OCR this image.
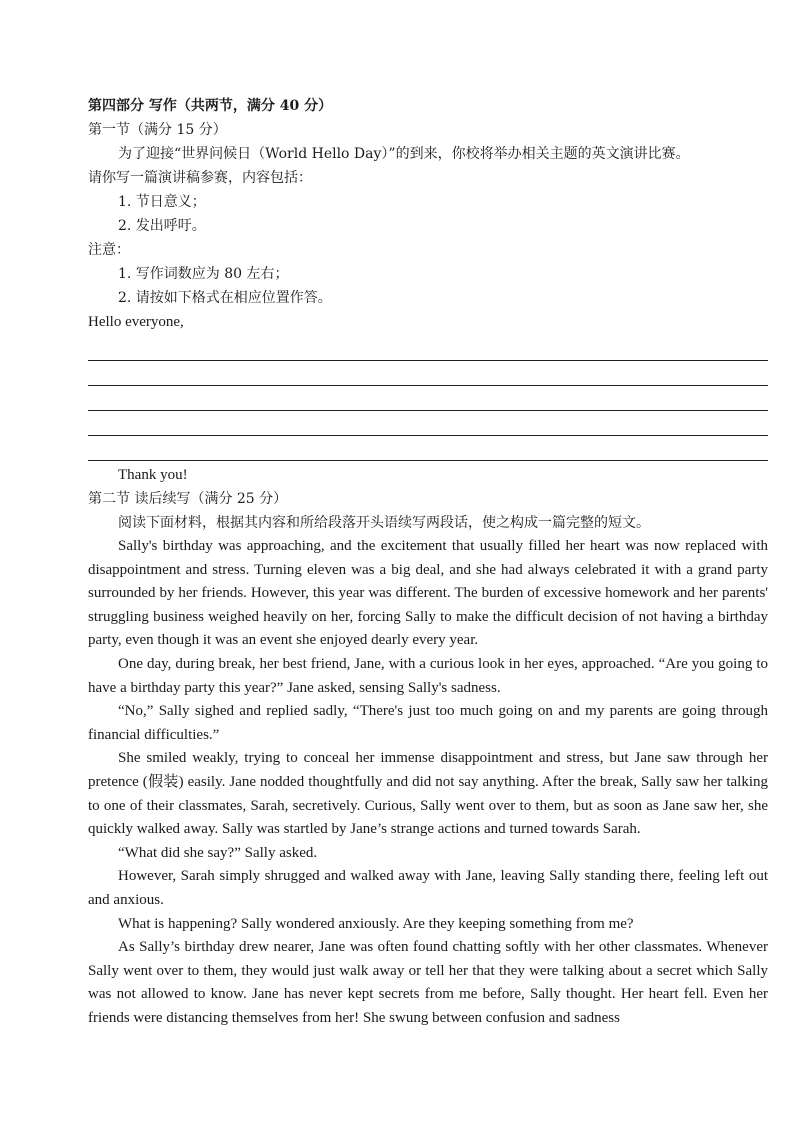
第四部分 写作（共两节，满分 40 分）
第一节（满分 15 分）
为了迎接“世界问候日（World Hello Day）”的到来，你校将举办相关主题的英文演讲比赛。
请你写一篇演讲稿参赛，内容包括：
1. 节日意义；
2. 发出呼吁。
注意：
1. 写作词数应为 80 左右；
2. 请按如下格式在相应位置作答。
Hello everyone,
Thank you!
第二节 读后续写（满分 25 分）
阅读下面材料，根据其内容和所给段落开头语续写两段话，使之构成一篇完整的短文。
Sally's birthday was approaching, and the excitement that usually filled her heart was now replaced with disappointment and stress. Turning eleven was a big deal, and she had always celebrated it with a grand party surrounded by her friends. However, this year was different. The burden of excessive homework and her parents' struggling business weighed heavily on her, forcing Sally to make the difficult decision of not having a birthday party, even though it was an event she enjoyed dearly every year.
One day, during break, her best friend, Jane, with a curious look in her eyes, approached. “Are you going to have a birthday party this year?” Jane asked, sensing Sally's sadness.
“No,” Sally sighed and replied sadly, “There's just too much going on and my parents are going through financial difficulties.”
She smiled weakly, trying to conceal her immense disappointment and stress, but Jane saw through her pretence (假装) easily. Jane nodded thoughtfully and did not say anything. After the break, Sally saw her talking to one of their classmates, Sarah, secretively. Curious, Sally went over to them, but as soon as Jane saw her, she quickly walked away. Sally was startled by Jane’s strange actions and turned towards Sarah.
“What did she say?” Sally asked.
However, Sarah simply shrugged and walked away with Jane, leaving Sally standing there, feeling left out and anxious.
What is happening? Sally wondered anxiously. Are they keeping something from me?
As Sally’s birthday drew nearer, Jane was often found chatting softly with her other classmates. Whenever Sally went over to them, they would just walk away or tell her that they were talking about a secret which Sally was not allowed to know. Jane has never kept secrets from me before, Sally thought. Her heart fell. Even her friends were distancing themselves from her! She swung between confusion and sadness
